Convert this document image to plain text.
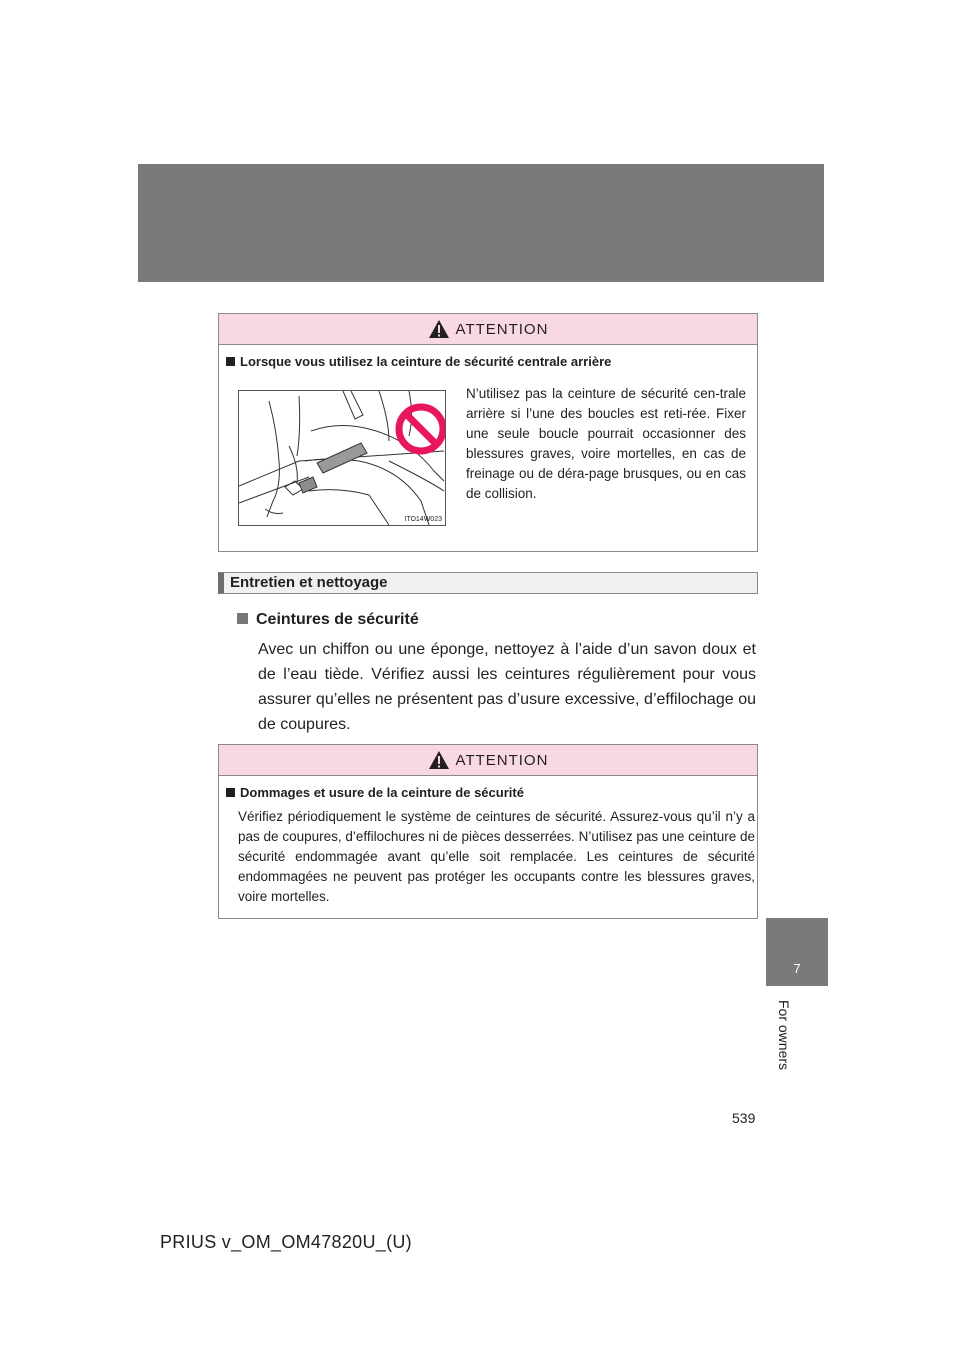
ATTENTION
Lorsque vous utilisez la ceinture de sécurité centrale arrière
ITO14W023
N’utilisez pas la ceinture de sécurité cen-trale arrière si l’une des boucles est reti-rée. Fixer une seule boucle pourrait occasionner des blessures graves, voire mortelles, en cas de freinage ou de déra-page brusques, ou en cas de collision.
Entretien et nettoyage
Ceintures de sécurité
Avec un chiffon ou une éponge, nettoyez à l’aide d’un savon doux et de l’eau tiède. Vérifiez aussi les ceintures régulièrement pour vous assurer qu’elles ne présentent pas d’usure excessive, d’effilochage ou de coupures.
ATTENTION
Dommages et usure de la ceinture de sécurité
Vérifiez périodiquement le système de ceintures de sécurité. Assurez-vous qu’il n’y a pas de coupures, d’effilochures ni de pièces desserrées. N’utilisez pas une ceinture de sécurité endommagée avant qu’elle soit remplacée. Les ceintures de sécurité endommagées ne peuvent pas protéger les occupants contre les blessures graves, voire mortelles.
7
For owners
539
PRIUS v_OM_OM47820U_(U)
